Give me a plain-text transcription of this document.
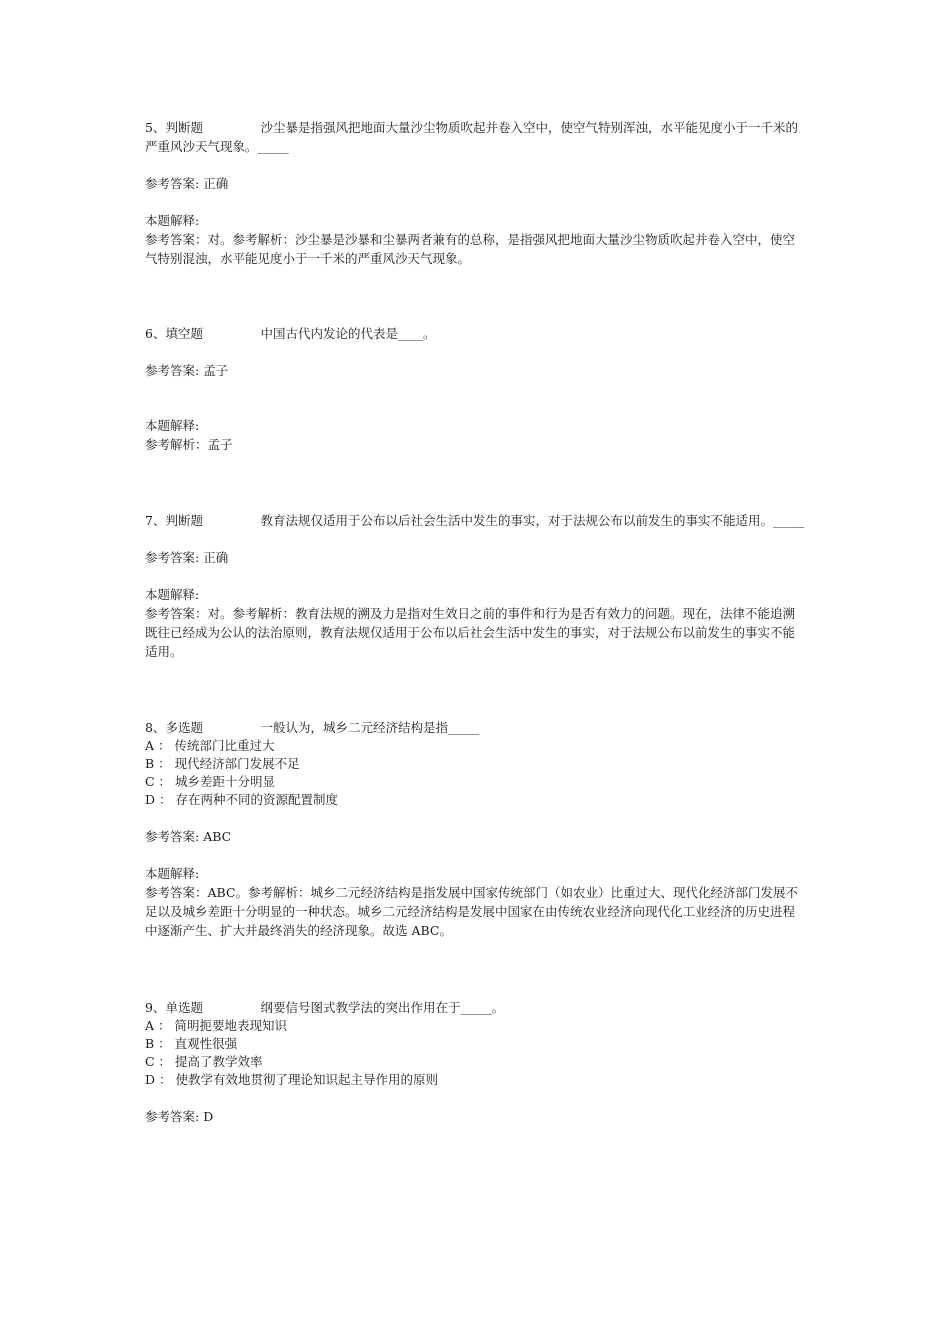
5、判断题	沙尘暴是指强风把地面大量沙尘物质吹起并卷入空中，使空气特别浑浊，水平能见度小于一千米的严重风沙天气现象。_____
参考答案: 正确
本题解释:
参考答案：对。参考解析：沙尘暴是沙暴和尘暴两者兼有的总称，是指强风把地面大量沙尘物质吹起并卷入空中，使空气特别混浊，水平能见度小于一千米的严重风沙天气现象。
6、填空题	中国古代内发论的代表是____。
参考答案: 孟子
本题解释:
参考解析：孟子
7、判断题	教育法规仅适用于公布以后社会生活中发生的事实，对于法规公布以前发生的事实不能适用。_____
参考答案: 正确
本题解释:
参考答案：对。参考解析：教育法规的溯及力是指对生效日之前的事件和行为是否有效力的问题。现在，法律不能追溯既往已经成为公认的法治原则，教育法规仅适用于公布以后社会生活中发生的事实，对于法规公布以前发生的事实不能适用。
8、多选题	一般认为，城乡二元经济结构是指_____
A ： 传统部门比重过大
B ： 现代经济部门发展不足
C ： 城乡差距十分明显
D ： 存在两种不同的资源配置制度
参考答案: ABC
本题解释:
参考答案：ABC。参考解析：城乡二元经济结构是指发展中国家传统部门（如农业）比重过大、现代化经济部门发展不足以及城乡差距十分明显的一种状态。城乡二元经济结构是发展中国家在由传统农业经济向现代化工业经济的历史进程中逐渐产生、扩大并最终消失的经济现象。故选 ABC。
9、单选题	纲要信号图式教学法的突出作用在于_____。
A ： 简明扼要地表现知识
B ： 直观性很强
C ： 提高了教学效率
D ： 使教学有效地贯彻了理论知识起主导作用的原则
参考答案: D
